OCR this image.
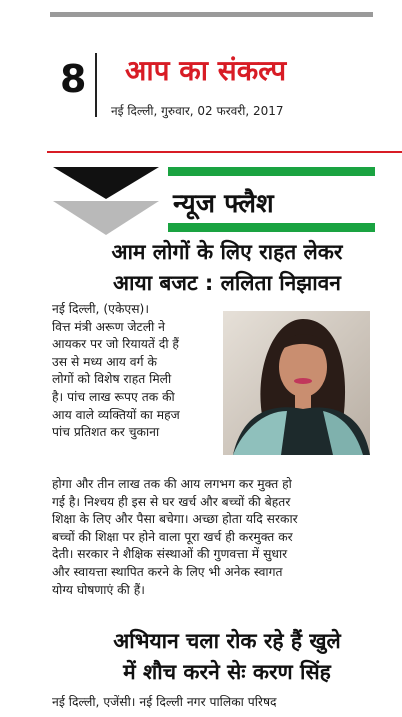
8 आप का संकल्प
नई दिल्ली, गुरुवार, 02 फरवरी, 2017
न्यूज फ्लैश
आम लोगों के लिए राहत लेकर
आया बजट : ललिता निझावन
नई दिल्ली, (एकेएस)।
वित्त मंत्री अरूण जेटली ने
आयकर पर जो रियायतें दी हैं
उस से मध्य आय वर्ग के
लोगों को विशेष राहत मिली
है। पांच लाख रूपए तक की
आय वाले व्यक्तियों का महज
पांच प्रतिशत कर चुकाना
होगा और तीन लाख तक की आय लगभग कर मुक्त हो
गई है। निश्चय ही इस से घर खर्च और बच्चों की बेहतर
शिक्षा के लिए और पैसा बचेगा। अच्छा होता यदि सरकार
बच्चों की शिक्षा पर होने वाला पूरा खर्च ही करमुक्त कर
देती। सरकार ने शैक्षिक संस्थाओं की गुणवत्ता में सुधार
और स्वायत्ता स्थापित करने के लिए भी अनेक स्वागत
योग्य घोषणाएं की हैं।
अभियान चला रोक रहे हैं खुले
में शौच करने सेः करण सिंह
नई दिल्ली, एजेंसी। नई दिल्ली नगर पालिका परिषद
